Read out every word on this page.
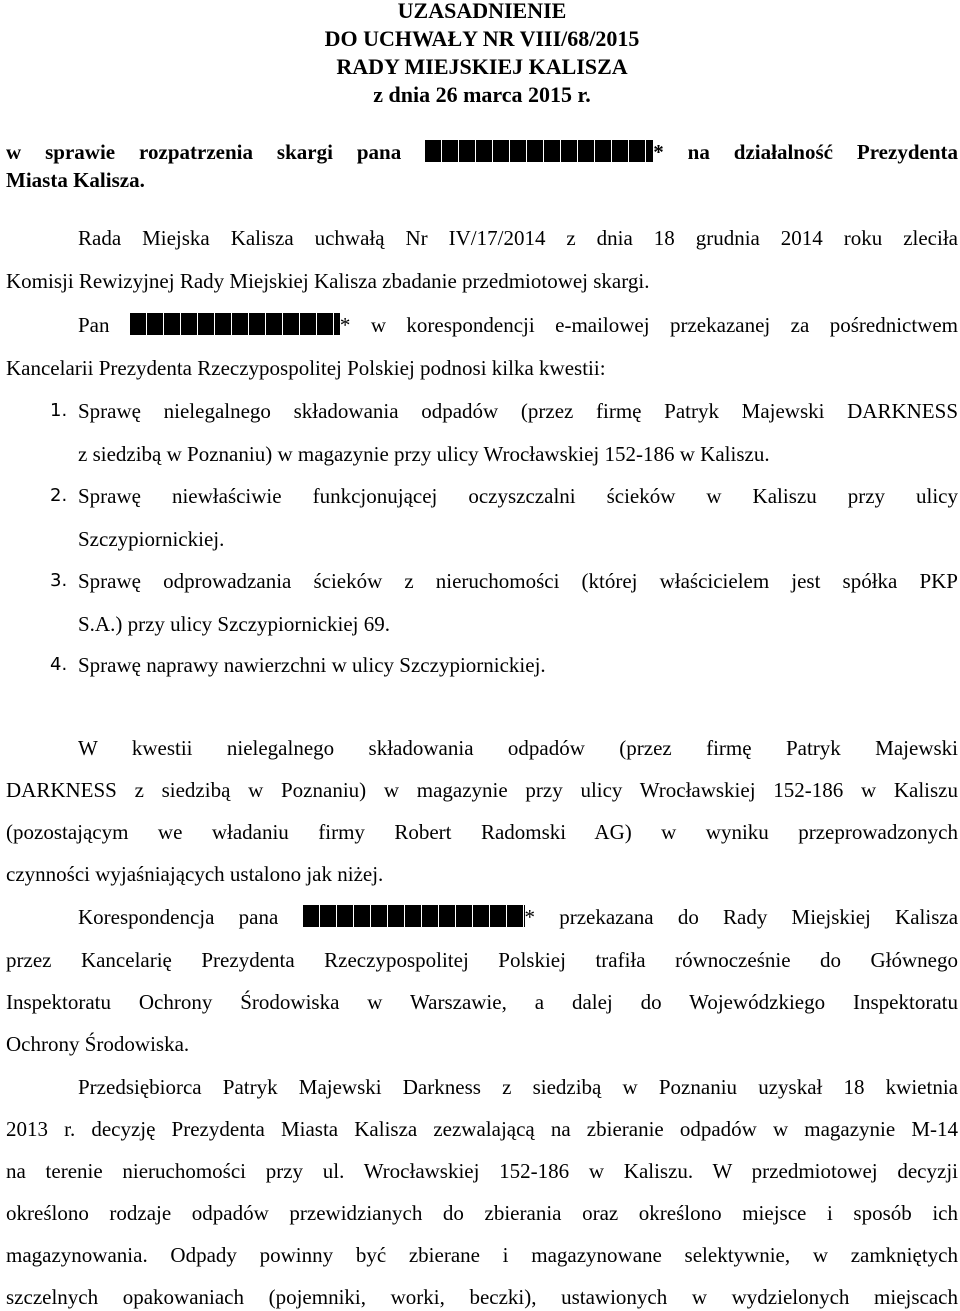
UZASADNIENIE
DO UCHWAŁY NR VIII/68/2015
RADY MIEJSKIEJ KALISZA
z dnia 26 marca 2015 r.
w sprawie rozpatrzenia skargi pana	* na działalność Prezydenta
Miasta Kalisza.
Rada Miejska Kalisza uchwałą Nr IV/17/2014 z dnia 18 grudnia 2014 roku zleciła
Komisji Rewizyjnej Rady Miejskiej Kalisza zbadanie przedmiotowej skargi.
Pan	* w korespondencji e-mailowej przekazanej za pośrednictwem
Kancelarii Prezydenta Rzeczypospolitej Polskiej podnosi kilka kwestii:
1. Sprawę nielegalnego składowania odpadów (przez firmę Patryk Majewski DARKNESS
z siedzibą w Poznaniu) w magazynie przy ulicy Wrocławskiej 152-186 w Kaliszu.
2. Sprawę niewłaściwie funkcjonującej oczyszczalni ścieków w Kaliszu przy ulicy
Szczypiornickiej.
3. Sprawę odprowadzania ścieków z nieruchomości (której właścicielem jest spółka PKP
S.A.) przy ulicy Szczypiornickiej 69.
4. Sprawę naprawy nawierzchni w ulicy Szczypiornickiej.
W kwestii nielegalnego składowania odpadów (przez firmę Patryk Majewski
DARKNESS z siedzibą w Poznaniu) w magazynie przy ulicy Wrocławskiej 152-186 w Kaliszu
(pozostającym we władaniu firmy Robert Radomski AG) w wyniku przeprowadzonych
czynności wyjaśniających ustalono jak niżej.
Korespondencja pana	* przekazana do Rady Miejskiej Kalisza
przez Kancelarię Prezydenta Rzeczypospolitej Polskiej trafiła równocześnie do Głównego
Inspektoratu Ochrony Środowiska w Warszawie, a dalej do Wojewódzkiego Inspektoratu
Ochrony Środowiska.
Przedsiębiorca Patryk Majewski Darkness z siedzibą w Poznaniu uzyskał 18 kwietnia
2013 r. decyzję Prezydenta Miasta Kalisza zezwalającą na zbieranie odpadów w magazynie M-14
na terenie nieruchomości przy ul. Wrocławskiej 152-186 w Kaliszu. W przedmiotowej decyzji
określono rodzaje odpadów przewidzianych do zbierania oraz określono miejsce i sposób ich
magazynowania. Odpady powinny być zbierane i magazynowane selektywnie, w zamkniętych
szczelnych opakowaniach (pojemniki, worki, beczki), ustawionych w wydzielonych miejscach
